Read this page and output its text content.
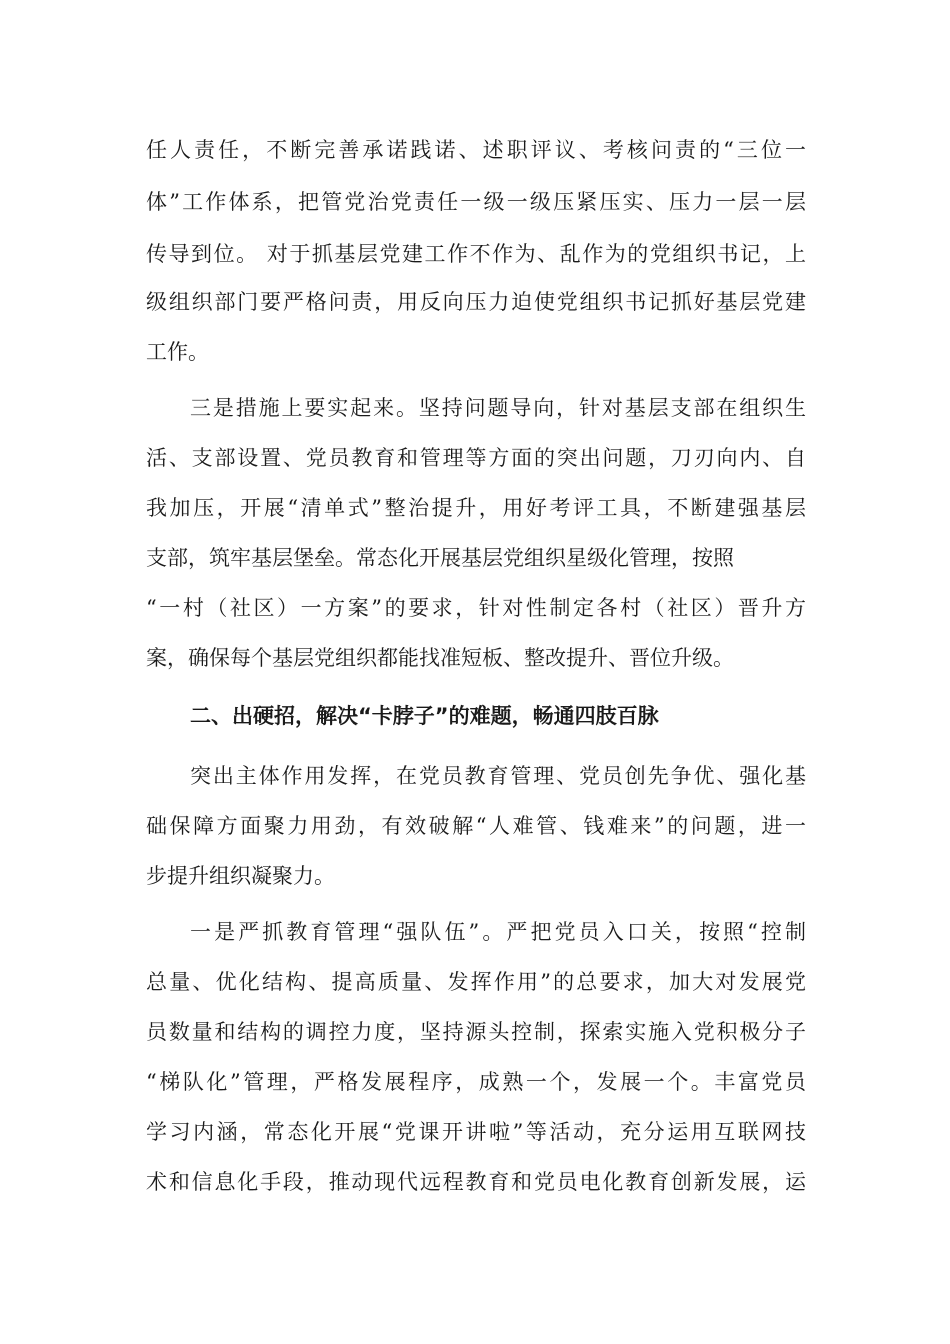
任人责任，不断完善承诺践诺、述职评议、考核问责的“三位一
体”工作体系，把管党治党责任一级一级压紧压实、压力一层一层
传导到位。 对于抓基层党建工作不作为、乱作为的党组织书记，上
级组织部门要严格问责，用反向压力迫使党组织书记抓好基层党建
工作。
三是措施上要实起来。坚持问题导向，针对基层支部在组织生
活、支部设置、党员教育和管理等方面的突出问题，刀刃向内、自
我加压，开展“清单式”整治提升，用好考评工具，不断建强基层
支部，筑牢基层堡垒。常态化开展基层党组织星级化管理，按照
“一村（社区）一方案”的要求，针对性制定各村（社区）晋升方
案，确保每个基层党组织都能找准短板、整改提升、晋位升级。
二、出硬招，解决“卡脖子”的难题，畅通四肢百脉
突出主体作用发挥，在党员教育管理、党员创先争优、强化基
础保障方面聚力用劲，有效破解“人难管、钱难来”的问题，进一
步提升组织凝聚力。
一是严抓教育管理“强队伍”。严把党员入口关，按照“控制
总量、优化结构、提高质量、发挥作用”的总要求，加大对发展党
员数量和结构的调控力度，坚持源头控制，探索实施入党积极分子
“梯队化”管理，严格发展程序，成熟一个，发展一个。丰富党员
学习内涵，常态化开展“党课开讲啦”等活动，充分运用互联网技
术和信息化手段，推动现代远程教育和党员电化教育创新发展，运
